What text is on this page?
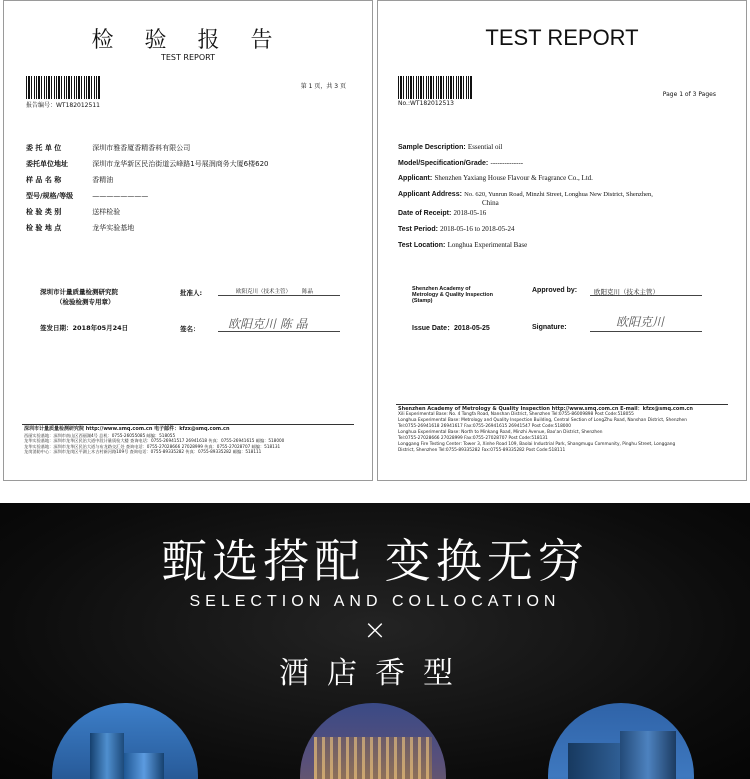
检 验 报 告
TEST REPORT
报告编号：WT182012511
第 1 页，共 3 页
委 托 单 位	深圳市雅香厦香精香料有限公司
委托单位地址	深圳市龙华新区民治街道云峰路1号展润商务大厦6楼620
样 品 名 称	香精油
型号/规格/等级	————————
检 验 类 别	送样检验
检 验 地 点	龙华实验基地
深圳市计量质量检测研究院
（检验检测专用章）
批准人:	欧阳克川（技术主管） 陈晶
签发日期：2018年05月24日	签名： 欧阳克川 陈 晶
深圳市计量质量检测研究院 http://www.smq.com.cn 电子邮件：kfzx@smq.com.cn
西丽实验基地：深圳市南山区西丽湖4号 总机：0755-26055085 邮编：518055
龙华实验基地：深圳市龙华区民治大道中段计量质检大楼 查询电话：0755-26941517 26941618 传真：0755-26941615 邮编：518000
龙华实验基地：深圳市龙华区民治大道与布龙路交汇处 查询电话：0755-27028666 27028999 传真：0755-27028707 邮编：518131
龙岗消防中心：深圳市龙岗区平湖上木古村新河路109号 查询电话：0755-89335282 传真：0755-89335282 邮编：518111
TEST REPORT
No.:WT182012513
Page 1 of 3 Pages
Sample Description: Essential oil
Model/Specification/Grade: --------------
Applicant: Shenzhen Yaxiang House Flavour & Fragrance Co., Ltd.
Applicant Address: No. 620, Yunrun Road, Minzhi Street, Longhua New District, Shenzhen,
China
Date of Receipt: 2018-05-16
Test Period: 2018-05-16 to 2018-05-24
Test Location: Longhua Experimental Base
Shenzhen Academy of
Metrology & Quality Inspection
(Stamp)
Approved by:	欧阳克川（技术主管）
Issue Date：2018-05-25	Signature:	欧阳克川
Shenzhen Academy of Metrology & Quality Inspection http://www.smq.com.cn E-mail：kfzx@smq.com.cn
Xili Experimental Base: No. 4 Tongfa Road, Nanshan District, Shenzhen Tel:0755-86009898 Post Code:518055
Longhua Experimental Base: Metrology and Quality Inspection Building, Central Section of LongZhu Road, Nanshan District, Shenzhen
Tel:0755-26941618 26941617 Fax:0755-26941615 26941547 Post Code:518000
Longhua Experimental Base: North to Minkang Road, Minzhi Avenue, Bao'an District, Shenzhen
Tel:0755-27028666 27028999 Fax:0755-27028707 Post Code:518131
Longgang Fire Testing Center: Tower 3, Xinhe Road 109, Baolai Industrial Park, Shangmugu Community, Pinghu Street, Longgang
District, Shenzhen Tel:0755-89335282 Fax:0755-89335282 Post Code:518111
甄选搭配 变换无穷
SELECTION AND COLLOCATION
×
酒店香型
